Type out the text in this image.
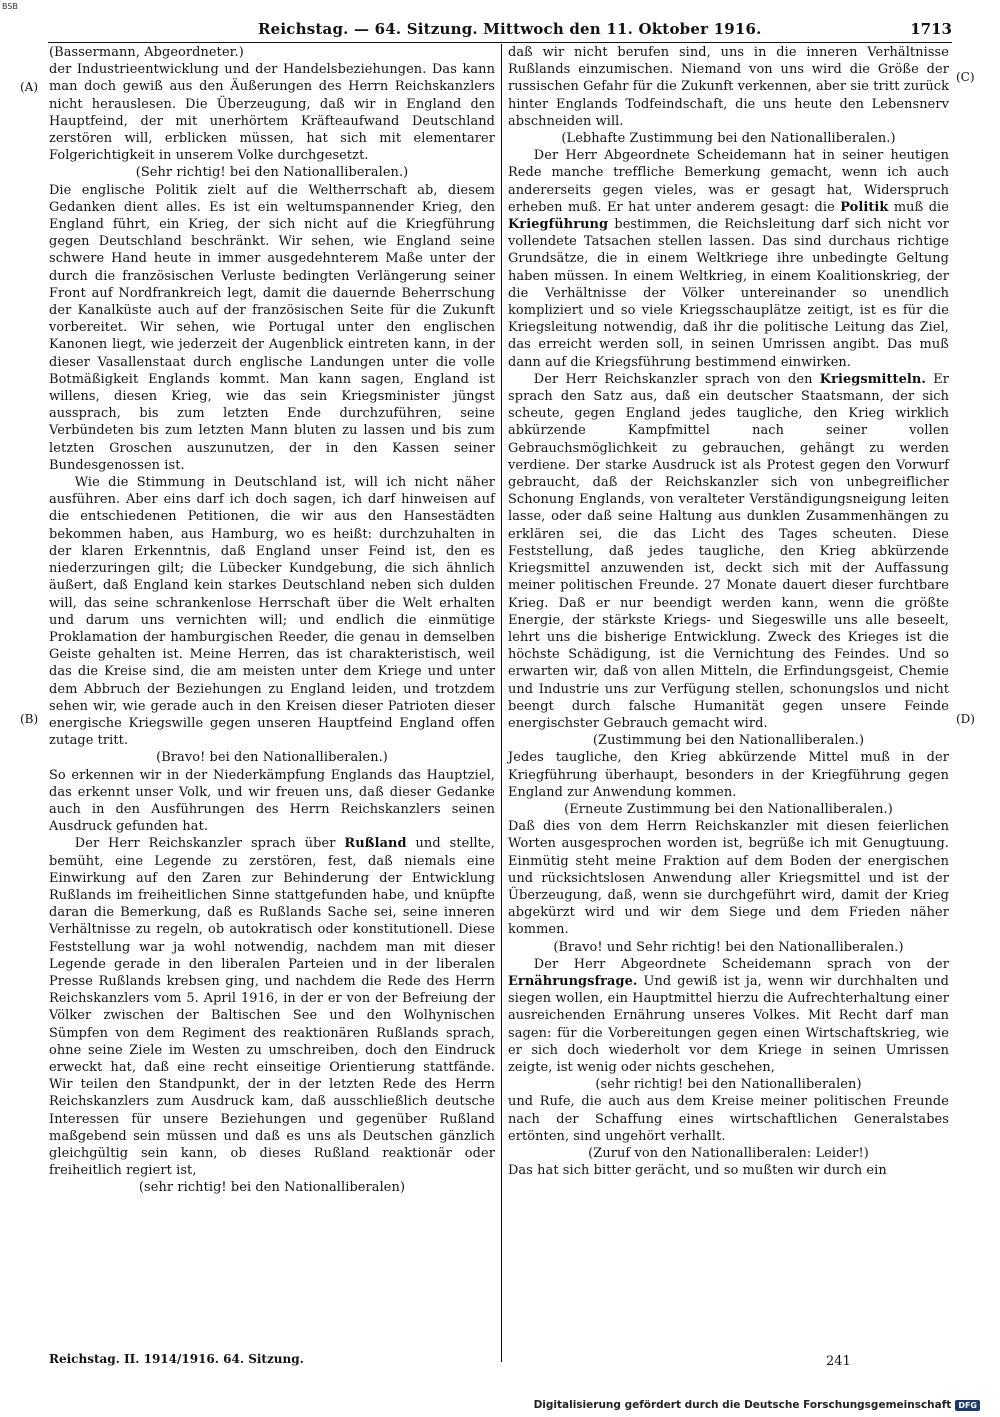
BSB
Reichstag. — 64. Sitzung. Mittwoch den 11. Oktober 1916.	1713
(A)
(B)
(C)
(D)

(Bassermann, Abgeordneter.)

der Industrieentwicklung und der Handelsbeziehungen. Das kann man doch gewiß aus den Äußerungen des Herrn Reichskanzlers nicht herauslesen. Die Überzeugung, daß wir in England den Hauptfeind, der mit unerhörtem Kräfteaufwand Deutschland zerstören will, erblicken müssen, hat sich mit elementarer Folgerichtigkeit in unserem Volke durchgesetzt.

(Sehr richtig! bei den Nationalliberalen.)

Die englische Politik zielt auf die Weltherrschaft ab, diesem Gedanken dient alles. Es ist ein weltumspannender Krieg, den England führt, ein Krieg, der sich nicht auf die Kriegführung gegen Deutschland beschränkt. Wir sehen, wie England seine schwere Hand heute in immer ausgedehnterem Maße unter der durch die französischen Verluste bedingten Verlängerung seiner Front auf Nordfrankreich legt, damit die dauernde Beherrschung der Kanalküste auch auf der französischen Seite für die Zukunft vorbereitet. Wir sehen, wie Portugal unter den englischen Kanonen liegt, wie jederzeit der Augenblick eintreten kann, in der dieser Vasallenstaat durch englische Landungen unter die volle Botmäßigkeit Englands kommt. Man kann sagen, England ist willens, diesen Krieg, wie das sein Kriegsminister jüngst aussprach, bis zum letzten Ende durchzuführen, seine Verbündeten bis zum letzten Mann bluten zu lassen und bis zum letzten Groschen auszunutzen, der in den Kassen seiner Bundesgenossen ist.

Wie die Stimmung in Deutschland ist, will ich nicht näher ausführen. Aber eins darf ich doch sagen, ich darf hinweisen auf die entschiedenen Petitionen, die wir aus den Hansestädten bekommen haben, aus Hamburg, wo es heißt: durchzuhalten in der klaren Erkenntnis, daß England unser Feind ist, den es niederzuringen gilt; die Lübecker Kundgebung, die sich ähnlich äußert, daß England kein starkes Deutschland neben sich dulden will, das seine schrankenlose Herrschaft über die Welt erhalten und darum uns vernichten will; und endlich die einmütige Proklamation der hamburgischen Reeder, die genau in demselben Geiste gehalten ist. Meine Herren, das ist charakteristisch, weil das die Kreise sind, die am meisten unter dem Kriege und unter dem Abbruch der Beziehungen zu England leiden, und trotzdem sehen wir, wie gerade auch in den Kreisen dieser Patrioten dieser energische Kriegswille gegen unseren Hauptfeind England offen zutage tritt.

(Bravo! bei den Nationalliberalen.)

So erkennen wir in der Niederkämpfung Englands das Hauptziel, das erkennt unser Volk, und wir freuen uns, daß dieser Gedanke auch in den Ausführungen des Herrn Reichskanzlers seinen Ausdruck gefunden hat.

Der Herr Reichskanzler sprach über Rußland und stellte, bemüht, eine Legende zu zerstören, fest, daß niemals eine Einwirkung auf den Zaren zur Behinderung der Entwicklung Rußlands im freiheitlichen Sinne stattgefunden habe, und knüpfte daran die Bemerkung, daß es Rußlands Sache sei, seine inneren Verhältnisse zu regeln, ob autokratisch oder konstitutionell. Diese Feststellung war ja wohl notwendig, nachdem man mit dieser Legende gerade in den liberalen Parteien und in der liberalen Presse Rußlands krebsen ging, und nachdem die Rede des Herrn Reichskanzlers vom 5. April 1916, in der er von der Befreiung der Völker zwischen der Baltischen See und den Wolhynischen Sümpfen von dem Regiment des reaktionären Rußlands sprach, ohne seine Ziele im Westen zu umschreiben, doch den Eindruck erweckt hat, daß eine recht einseitige Orientierung stattfände. Wir teilen den Standpunkt, der in der letzten Rede des Herrn Reichskanzlers zum Ausdruck kam, daß ausschließlich deutsche Interessen für unsere Beziehungen und gegenüber Rußland maßgebend sein müssen und daß es uns als Deutschen gänzlich gleichgültig sein kann, ob dieses Rußland reaktionär oder freiheitlich regiert ist,

(sehr richtig! bei den Nationalliberalen)

daß wir nicht berufen sind, uns in die inneren Verhältnisse Rußlands einzumischen. Niemand von uns wird die Größe der russischen Gefahr für die Zukunft verkennen, aber sie tritt zurück hinter Englands Todfeindschaft, die uns heute den Lebensnerv abschneiden will.

(Lebhafte Zustimmung bei den Nationalliberalen.)

Der Herr Abgeordnete Scheidemann hat in seiner heutigen Rede manche treffliche Bemerkung gemacht, wenn ich auch andererseits gegen vieles, was er gesagt hat, Widerspruch erheben muß. Er hat unter anderem gesagt: die Politik muß die Kriegführung bestimmen, die Reichsleitung darf sich nicht vor vollendete Tatsachen stellen lassen. Das sind durchaus richtige Grundsätze, die in einem Weltkriege ihre unbedingte Geltung haben müssen. In einem Weltkrieg, in einem Koalitionskrieg, der die Verhältnisse der Völker untereinander so unendlich kompliziert und so viele Kriegsschauplätze zeitigt, ist es für die Kriegsleitung notwendig, daß ihr die politische Leitung das Ziel, das erreicht werden soll, in seinen Umrissen angibt. Das muß dann auf die Kriegsführung bestimmend einwirken.

Der Herr Reichskanzler sprach von den Kriegsmitteln. Er sprach den Satz aus, daß ein deutscher Staatsmann, der sich scheute, gegen England jedes taugliche, den Krieg wirklich abkürzende Kampfmittel nach seiner vollen Gebrauchsmöglichkeit zu gebrauchen, gehängt zu werden verdiene. Der starke Ausdruck ist als Protest gegen den Vorwurf gebraucht, daß der Reichskanzler sich von unbegreiflicher Schonung Englands, von veralteter Verständigungsneigung leiten lasse, oder daß seine Haltung aus dunklen Zusammenhängen zu erklären sei, die das Licht des Tages scheuten. Diese Feststellung, daß jedes taugliche, den Krieg abkürzende Kriegsmittel anzuwenden ist, deckt sich mit der Auffassung meiner politischen Freunde. 27 Monate dauert dieser furchtbare Krieg. Daß er nur beendigt werden kann, wenn die größte Energie, der stärkste Kriegs- und Siegeswille uns alle beseelt, lehrt uns die bisherige Entwicklung. Zweck des Krieges ist die höchste Schädigung, ist die Vernichtung des Feindes. Und so erwarten wir, daß von allen Mitteln, die Erfindungsgeist, Chemie und Industrie uns zur Verfügung stellen, schonungslos und nicht beengt durch falsche Humanität gegen unsere Feinde energischster Gebrauch gemacht wird.

(Zustimmung bei den Nationalliberalen.)

Jedes taugliche, den Krieg abkürzende Mittel muß in der Kriegführung überhaupt, besonders in der Kriegführung gegen England zur Anwendung kommen.

(Erneute Zustimmung bei den Nationalliberalen.)

Daß dies von dem Herrn Reichskanzler mit diesen feierlichen Worten ausgesprochen worden ist, begrüße ich mit Genugtuung. Einmütig steht meine Fraktion auf dem Boden der energischen und rücksichtslosen Anwendung aller Kriegsmittel und ist der Überzeugung, daß, wenn sie durchgeführt wird, damit der Krieg abgekürzt wird und wir dem Siege und dem Frieden näher kommen.

(Bravo! und Sehr richtig! bei den Nationalliberalen.)

Der Herr Abgeordnete Scheidemann sprach von der Ernährungsfrage. Und gewiß ist ja, wenn wir durchhalten und siegen wollen, ein Hauptmittel hierzu die Aufrechterhaltung einer ausreichenden Ernährung unseres Volkes. Mit Recht darf man sagen: für die Vorbereitungen gegen einen Wirtschaftskrieg, wie er sich doch wiederholt vor dem Kriege in seinen Umrissen zeigte, ist wenig oder nichts geschehen,

(sehr richtig! bei den Nationalliberalen)

und Rufe, die auch aus dem Kreise meiner politischen Freunde nach der Schaffung eines wirtschaftlichen Generalstabes ertönten, sind ungehört verhallt.

(Zuruf von den Nationalliberalen: Leider!)

Das hat sich bitter gerächt, und so mußten wir durch ein

Reichstag. II. 1914/1916. 64. Sitzung.	241
Digitalisierung gefördert durch die Deutsche Forschungsgemeinschaft DFG
